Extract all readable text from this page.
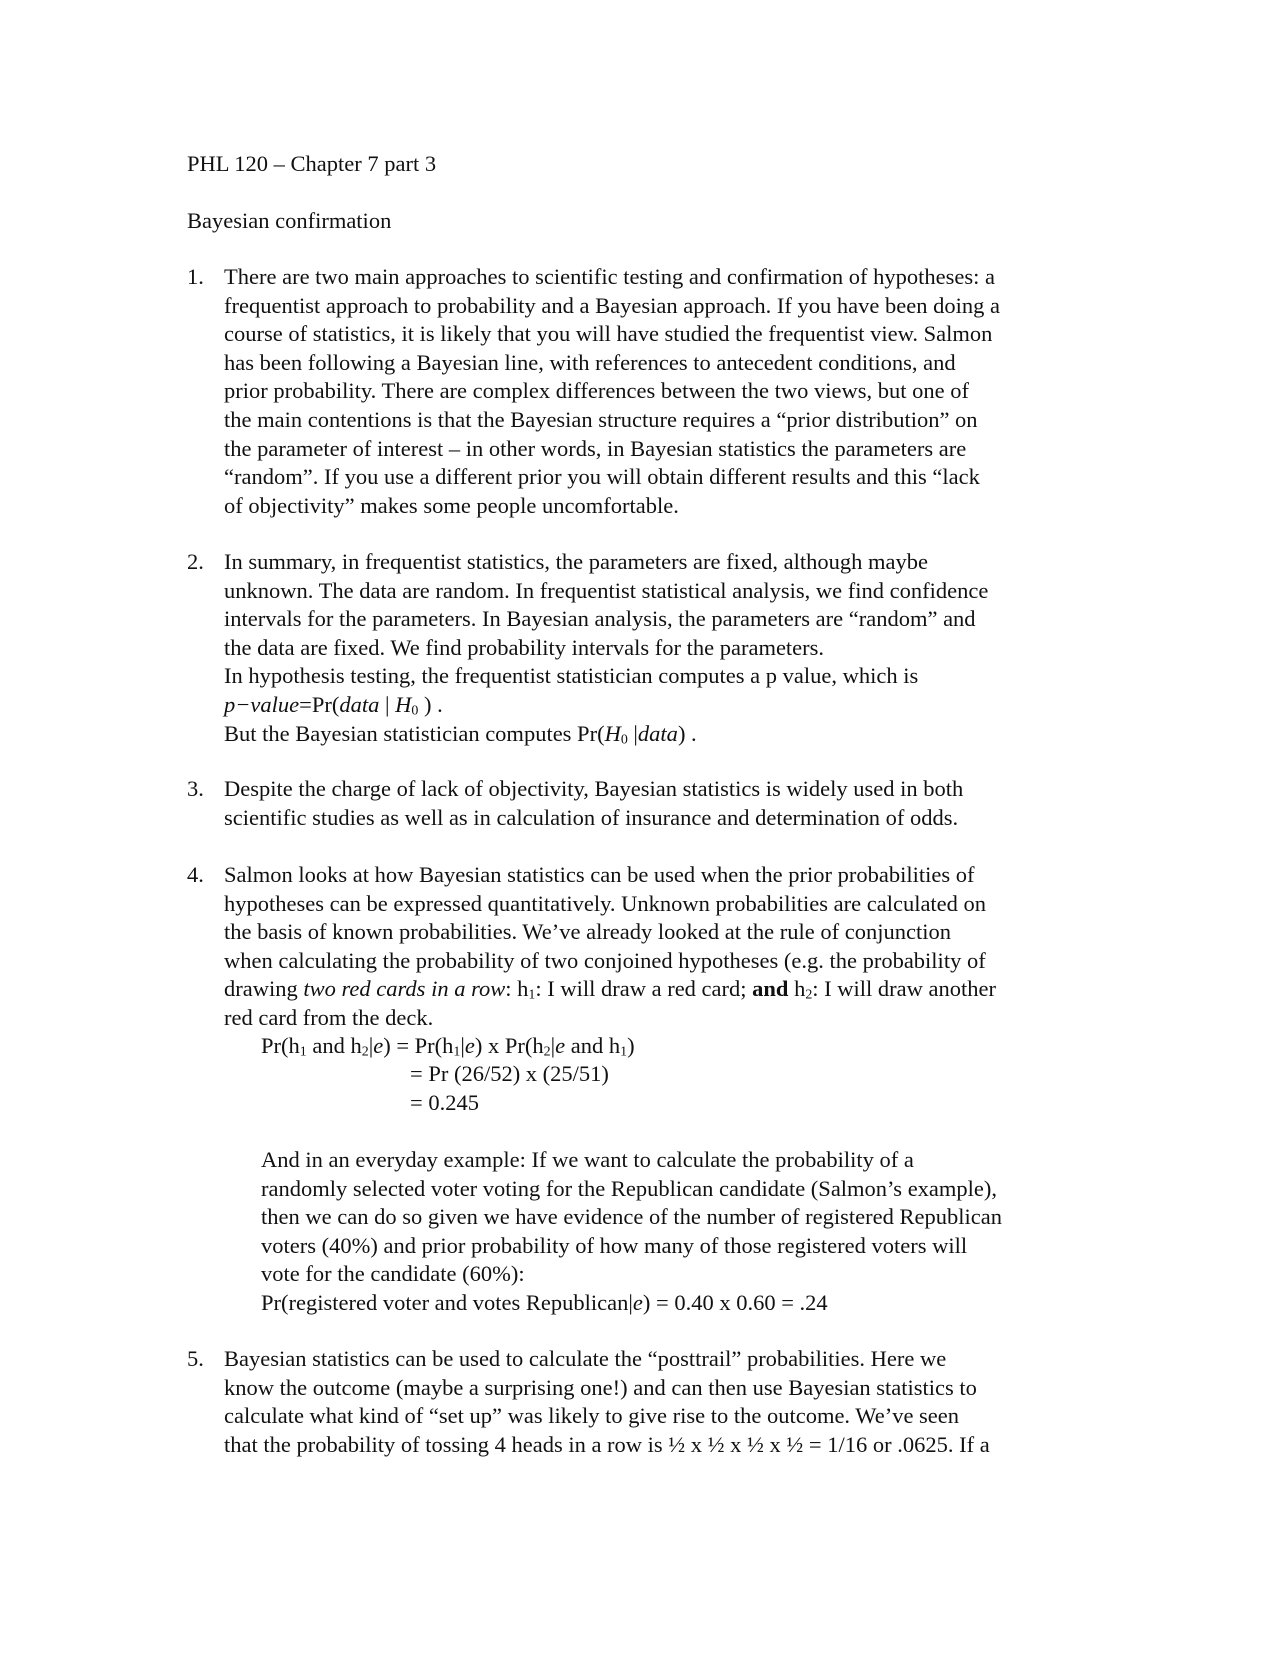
PHL 120 – Chapter 7 part 3
Bayesian confirmation
1. There are two main approaches to scientific testing and confirmation of hypotheses: a
frequentist approach to probability and a Bayesian approach. If you have been doing a
course of statistics, it is likely that you will have studied the frequentist view. Salmon
has been following a Bayesian line, with references to antecedent conditions, and
prior probability. There are complex differences between the two views, but one of
the main contentions is that the Bayesian structure requires a “prior distribution” on
the parameter of interest – in other words, in Bayesian statistics the parameters are
“random”. If you use a different prior you will obtain different results and this “lack
of objectivity” makes some people uncomfortable.
2. In summary, in frequentist statistics, the parameters are fixed, although maybe
unknown. The data are random. In frequentist statistical analysis, we find confidence
intervals for the parameters. In Bayesian analysis, the parameters are “random” and
the data are fixed. We find probability intervals for the parameters.
In hypothesis testing, the frequentist statistician computes a p value, which is
p−value=Pr(data | $H_0$ ) .
But the Bayesian statistician computes $Pr(H_0$ |data) .
3. Despite the charge of lack of objectivity, Bayesian statistics is widely used in both
scientific studies as well as in calculation of insurance and determination of odds.
4. Salmon looks at how Bayesian statistics can be used when the prior probabilities of
hypotheses can be expressed quantitatively. Unknown probabilities are calculated on
the basis of known probabilities. We’ve already looked at the rule of conjunction
when calculating the probability of two conjoined hypotheses (e.g. the probability of
drawing two red cards in a row: $h_1$: I will draw a red card; and $h_2$: I will draw another
red card from the deck.
$Pr(h_1$ and $h_2|e) = Pr(h_1|e)$ x $Pr(h_2|e$ and $h_1$)
= Pr (26/52) x (25/51)
= 0.245
And in an everyday example: If we want to calculate the probability of a
randomly selected voter voting for the Republican candidate (Salmon’s example),
then we can do so given we have evidence of the number of registered Republican
voters (40%) and prior probability of how many of those registered voters will
vote for the candidate (60%):
Pr(registered voter and votes Republican|e) = 0.40 x 0.60 = .24
5. Bayesian statistics can be used to calculate the “posttrail” probabilities. Here we
know the outcome (maybe a surprising one!) and can then use Bayesian statistics to
calculate what kind of “set up” was likely to give rise to the outcome. We’ve seen
that the probability of tossing 4 heads in a row is ½ x ½ x ½ x ½ = 1/16 or .0625. If a
